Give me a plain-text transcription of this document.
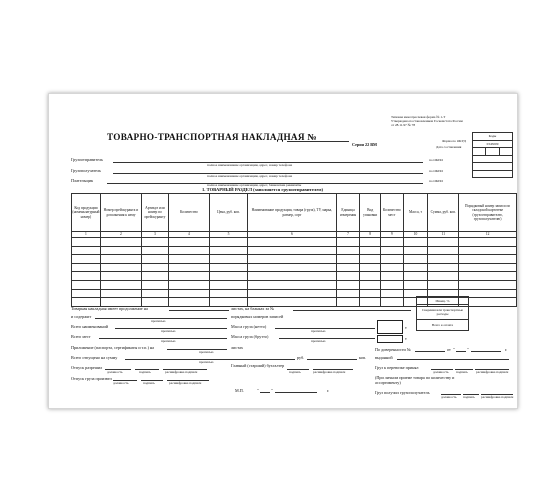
Типовая межотраслевая форма № 1-Т
Утверждена постановлением Госкомстата России
от 28.11.97 № 78
Коды
0345009

Форма по ОКУД
Дата составления
ТОВАРНО-ТРАНСПОРТНАЯ НАКЛАДНАЯ №
Серия 22 ВМ
Грузоотправитель
полное наименование организации, адрес, номер телефона
по ОКПО
Грузополучатель
полное наименование организации, адрес, номер телефона
по ОКПО
Плательщик
полное наименование организации, адрес, банковские реквизиты
по ОКПО
1. ТОВАРНЫЙ РАЗДЕЛ (заполняется грузоотправителем)
Код продукции (номенклатурный номер)	Номер прейскуранта и дополнения к нему	Артикул или номер по прейскуранту	Количество	Цена, руб. коп.	Наименование продукции, товара (груза), ТУ, марка, размер, сорт	Единица измерения	Вид упаковки	Количество мест	Масса, т	Сумма, руб. коп.	Порядковый номер записи по складской картотеке (грузоотправителю, грузополучателю)
1	2	3	4	5	6	7	8	9	10	11	12

Извещ. %
Сведения или транспортные расходы
Всего к оплате
Товарная накладная имеет продолжение на	листах, на бланках за №
и содержит
прописью
порядковых номеров записей
Всего наименований
прописью
Масса груза (нетто)
прописью
т
Всего мест
прописью
Масса груза (брутто)
прописью	т
Приложение (паспорта, сертификаты и т.п.) на
прописью
листах
Всего отпущено на сумму
прописью
руб.	коп.
Отпуск разрешил
должность	подпись	расшифровка подписи
Главный (старший) бухгалтер
подпись	расшифровка подписи
Отпуск груза произвел
должность	подпись	расшифровка подписи
М.П.	"	"	г.
По доверенности №	от "	"	г.
выданной
Груз к перевозке принял
должность подпись расшифровка подписи
(При личном приеме товара по количеству и ассортименту)
Груз получил грузополучатель
должность подпись расшифровка подписи
